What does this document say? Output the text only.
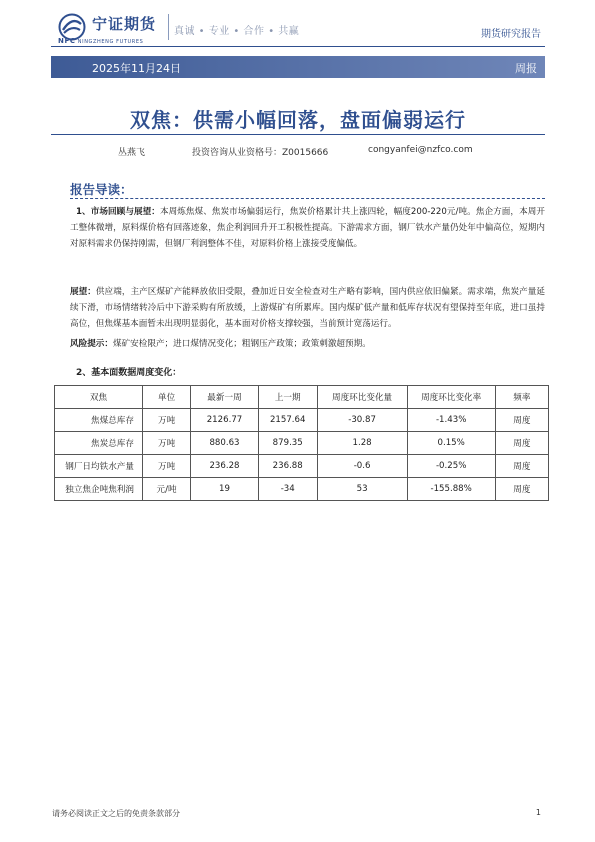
宁证期货
NFC NINGZHENG FUTURES
真诚 • 专业 • 合作 • 共赢	期货研究报告
2025年11月24日	周报
双焦：供需小幅回落，盘面偏弱运行
丛燕飞	投资咨询从业资格号：Z0015666	congyanfei@nzfco.com
报告导读：
1、市场回顾与展望：本周炼焦煤、焦炭市场偏弱运行，焦炭价格累计共上涨四轮，幅度200-220元/吨。焦企方面，本周开工整体微增，原料煤价格有回落迹象，焦企利润回升开工积极性提高。下游需求方面，钢厂铁水产量仍处年中偏高位，短期内对原料需求仍保持刚需，但钢厂利润整体不佳，对原料价格上涨接受度偏低。
展望：供应端，主产区煤矿产能释放依旧受限，叠加近日安全检查对生产略有影响，国内供应依旧偏紧。需求端，焦炭产量延续下滑，市场情绪转冷后中下游采购有所放缓，上游煤矿有所累库。国内煤矿低产量和低库存状况有望保持至年底，进口虽持高位，但焦煤基本面暂未出现明显弱化，基本面对价格支撑较强，当前预计宽荡运行。
风险提示：煤矿安检限产；进口煤情况变化；粗钢压产政策；政策刺激超预期。
2、基本面数据周度变化：
双焦	单位	最新一周	上一期	周度环比变化量	周度环比变化率	频率
焦煤总库存	万吨	2126.77	2157.64	-30.87	-1.43%	周度
焦炭总库存	万吨	880.63	879.35	1.28	0.15%	周度
钢厂日均铁水产量	万吨	236.28	236.88	-0.6	-0.25%	周度
独立焦企吨焦利润	元/吨	19	-34	53	-155.88%	周度
请务必阅读正文之后的免责条款部分	1
